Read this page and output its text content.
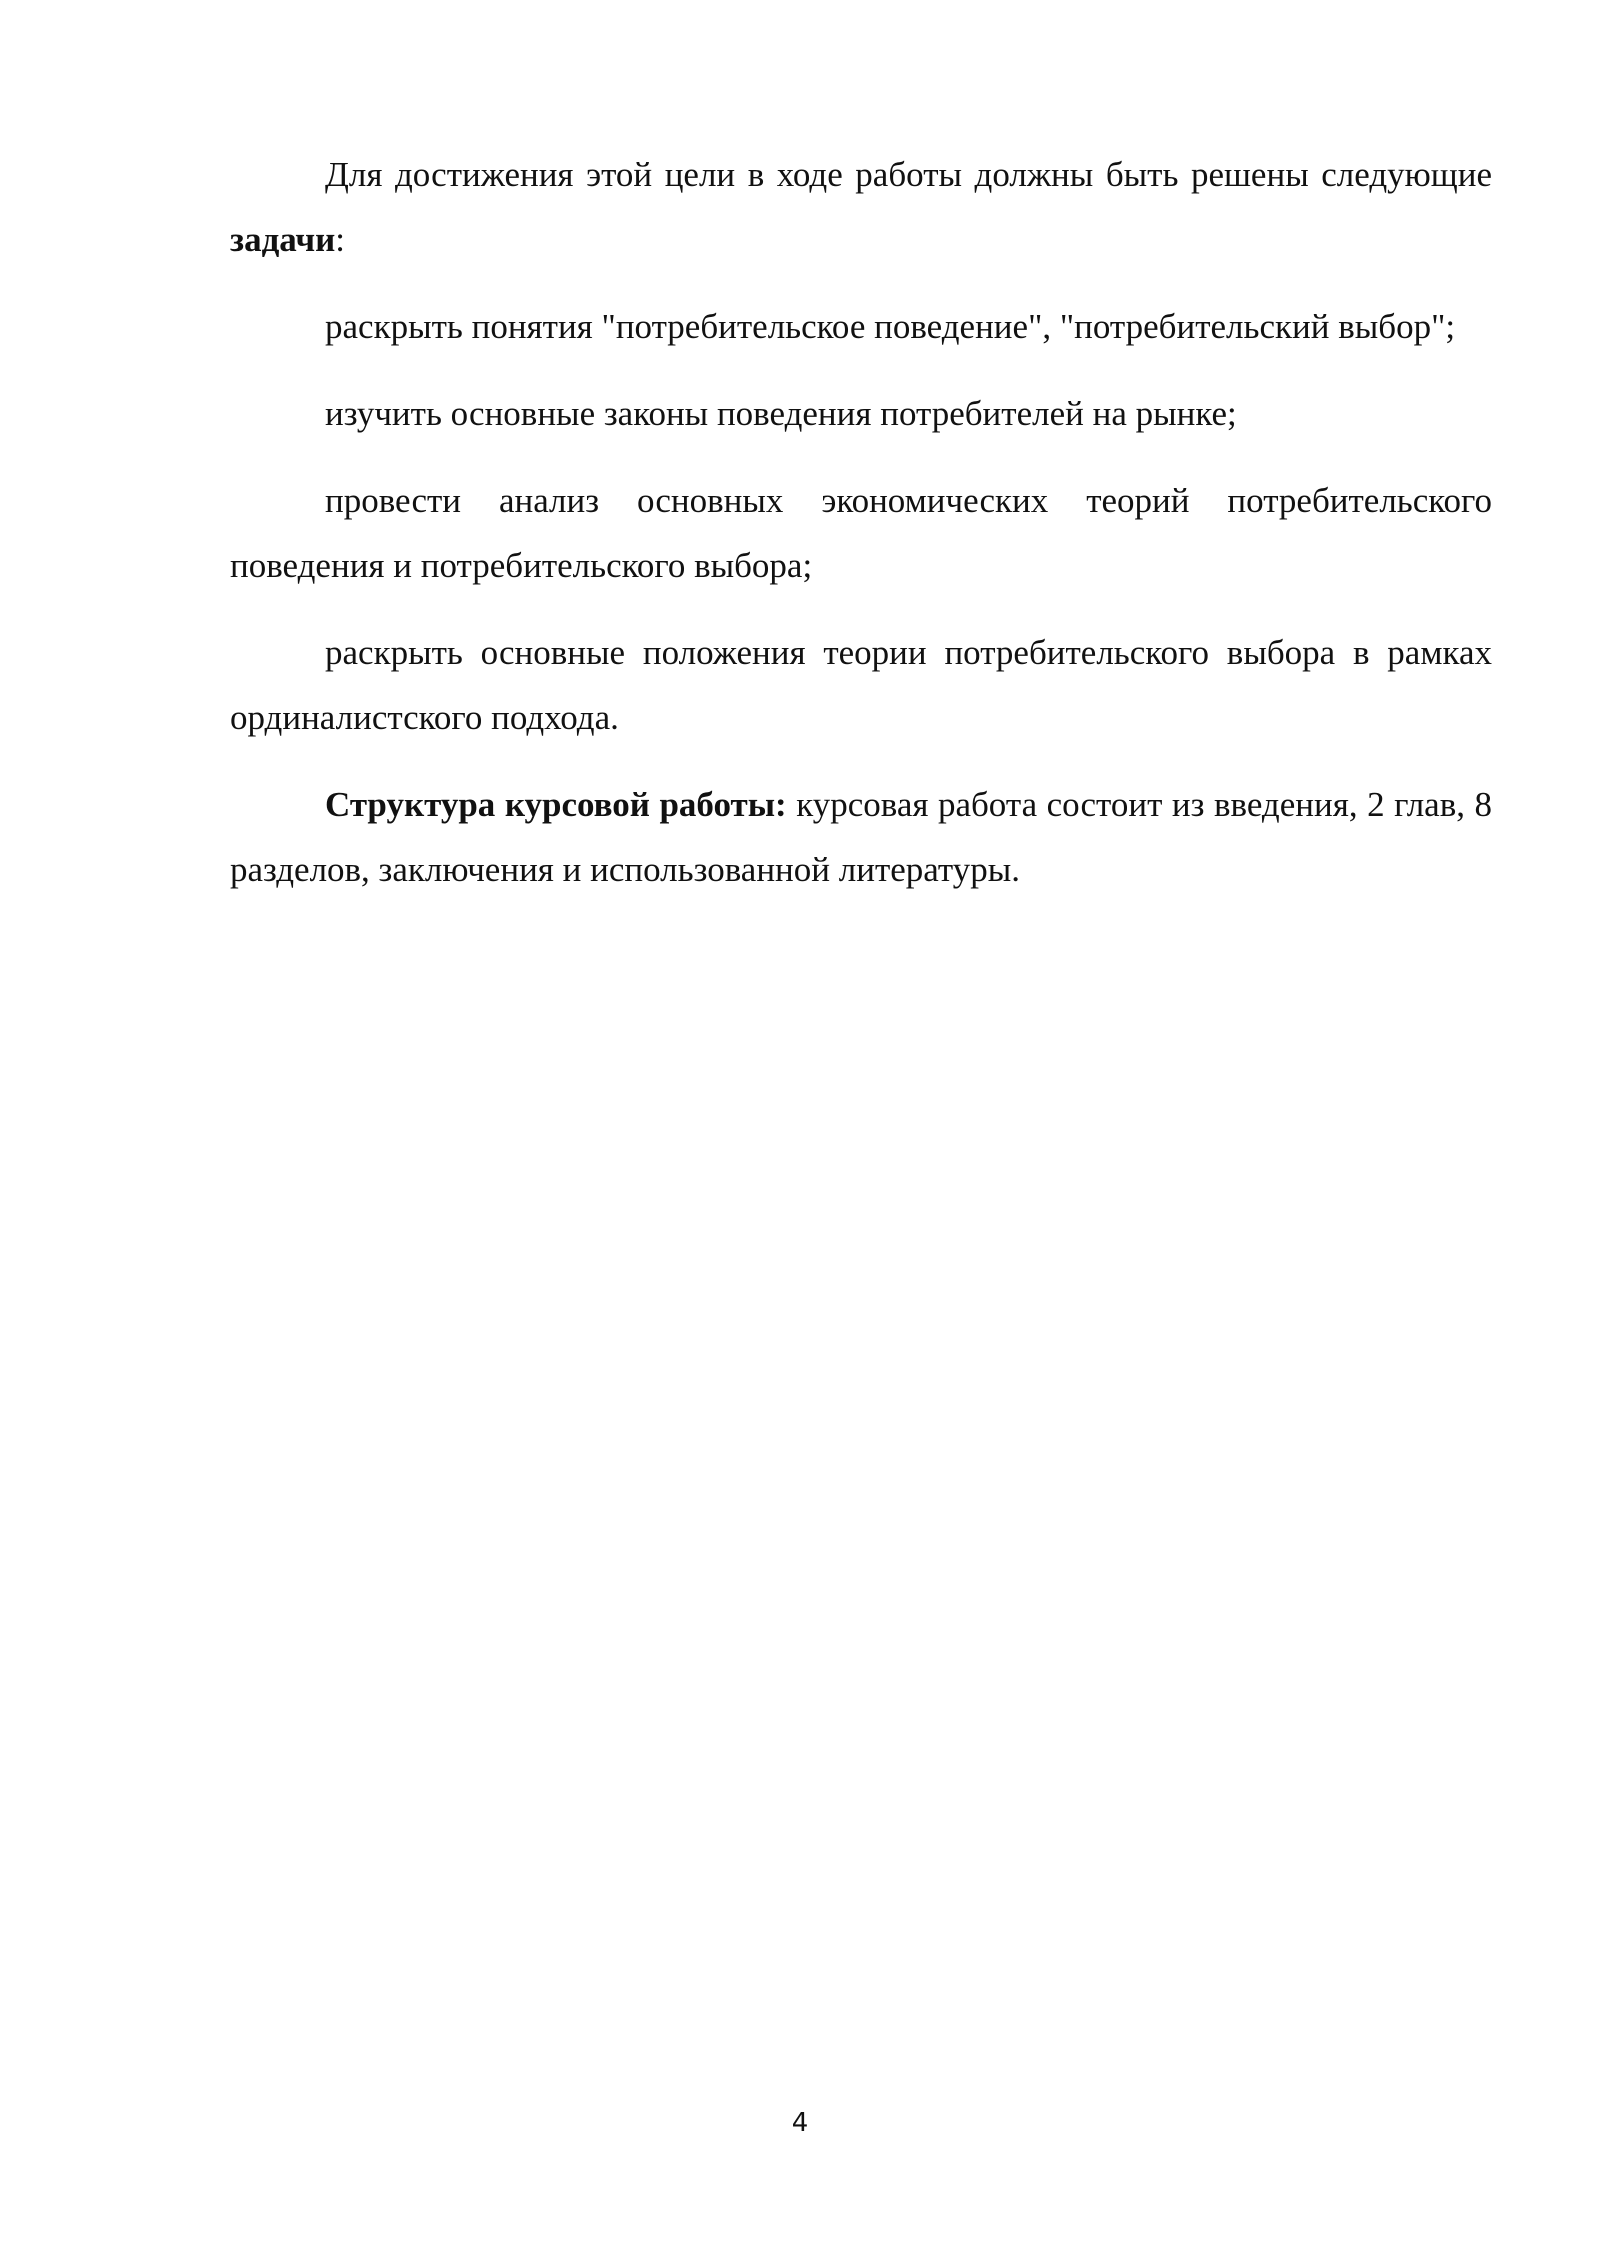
Для достижения этой цели в ходе работы должны быть решены следующие задачи:

раскрыть понятия "потребительское поведение", "потребительский выбор";

изучить основные законы поведения потребителей на рынке;

провести анализ основных экономических теорий потребительского поведения и потребительского выбора;

раскрыть основные положения теории потребительского выбора в рамках ординалистского подхода.

Структура курсовой работы: курсовая работа состоит из введения, 2 глав, 8 разделов, заключения и использованной литературы.

4
